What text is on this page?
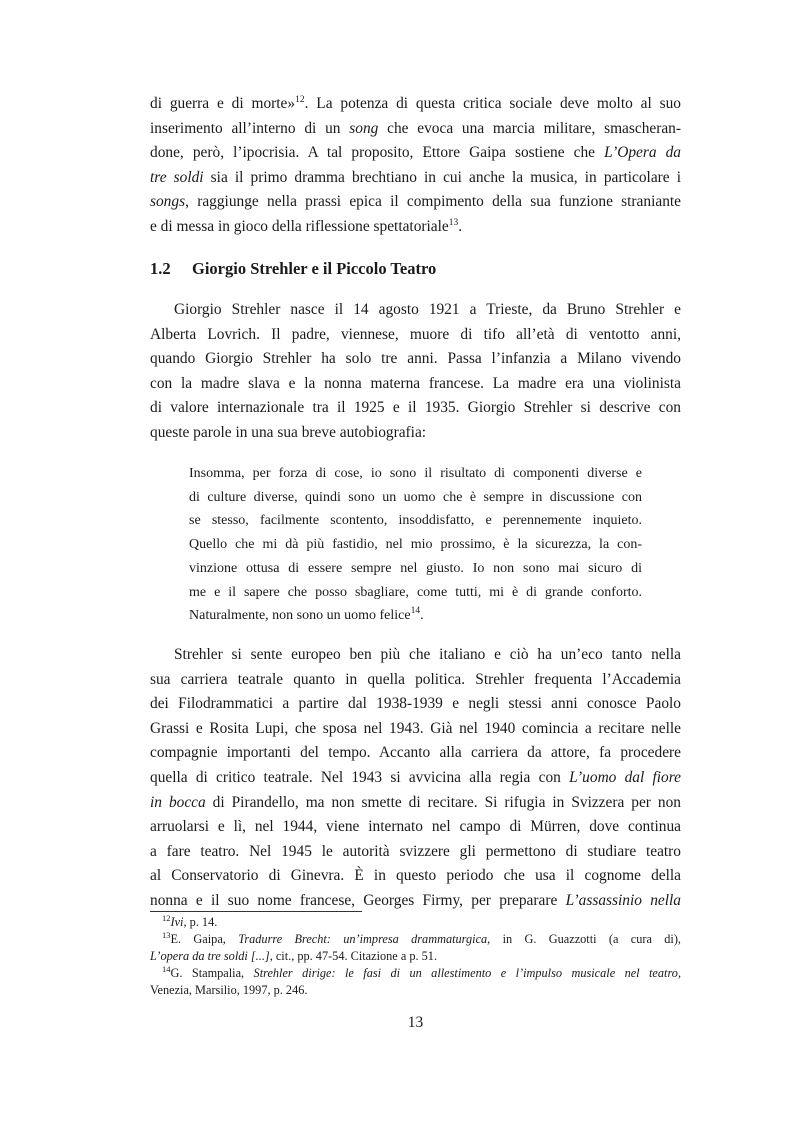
di guerra e di morte»$^{12}$. La potenza di questa critica sociale deve molto al suo
inserimento all’interno di un song che evoca una marcia militare, smascheran-
done, però, l’ipocrisia. A tal proposito, Ettore Gaipa sostiene che L’Opera da
tre soldi sia il primo dramma brechtiano in cui anche la musica, in particolare i
songs, raggiunge nella prassi epica il compimento della sua funzione straniante
e di messa in gioco della riflessione spettatoriale$^{13}$.
1.2 Giorgio Strehler e il Piccolo Teatro
Giorgio Strehler nasce il 14 agosto 1921 a Trieste, da Bruno Strehler e
Alberta Lovrich. Il padre, viennese, muore di tifo all’età di ventotto anni,
quando Giorgio Strehler ha solo tre anni. Passa l’infanzia a Milano vivendo
con la madre slava e la nonna materna francese. La madre era una violinista
di valore internazionale tra il 1925 e il 1935. Giorgio Strehler si descrive con
queste parole in una sua breve autobiografia:
Insomma, per forza di cose, io sono il risultato di componenti diverse e
di culture diverse, quindi sono un uomo che è sempre in discussione con
se stesso, facilmente scontento, insoddisfatto, e perennemente inquieto.
Quello che mi dà più fastidio, nel mio prossimo, è la sicurezza, la con-
vinzione ottusa di essere sempre nel giusto. Io non sono mai sicuro di
me e il sapere che posso sbagliare, come tutti, mi è di grande conforto.
Naturalmente, non sono un uomo felice$^{14}$.
Strehler si sente europeo ben più che italiano e ciò ha un’eco tanto nella
sua carriera teatrale quanto in quella politica. Strehler frequenta l’Accademia
dei Filodrammatici a partire dal 1938-1939 e negli stessi anni conosce Paolo
Grassi e Rosita Lupi, che sposa nel 1943. Già nel 1940 comincia a recitare nelle
compagnie importanti del tempo. Accanto alla carriera da attore, fa procedere
quella di critico teatrale. Nel 1943 si avvicina alla regia con L’uomo dal fiore
in bocca di Pirandello, ma non smette di recitare. Si rifugia in Svizzera per non
arruolarsi e lì, nel 1944, viene internato nel campo di Mürren, dove continua
a fare teatro. Nel 1945 le autorità svizzere gli permettono di studiare teatro
al Conservatorio di Ginevra. È in questo periodo che usa il cognome della
nonna e il suo nome francese, Georges Firmy, per preparare L’assassinio nella
$^{12}$Ivi, p. 14.
$^{13}$E. Gaipa, Tradurre Brecht: un’impresa drammaturgica, in G. Guazzotti (a cura di),
L’opera da tre soldi [...], cit., pp. 47-54. Citazione a p. 51.
$^{14}$G. Stampalia, Strehler dirige: le fasi di un allestimento e l’impulso musicale nel teatro,
Venezia, Marsilio, 1997, p. 246.
13
